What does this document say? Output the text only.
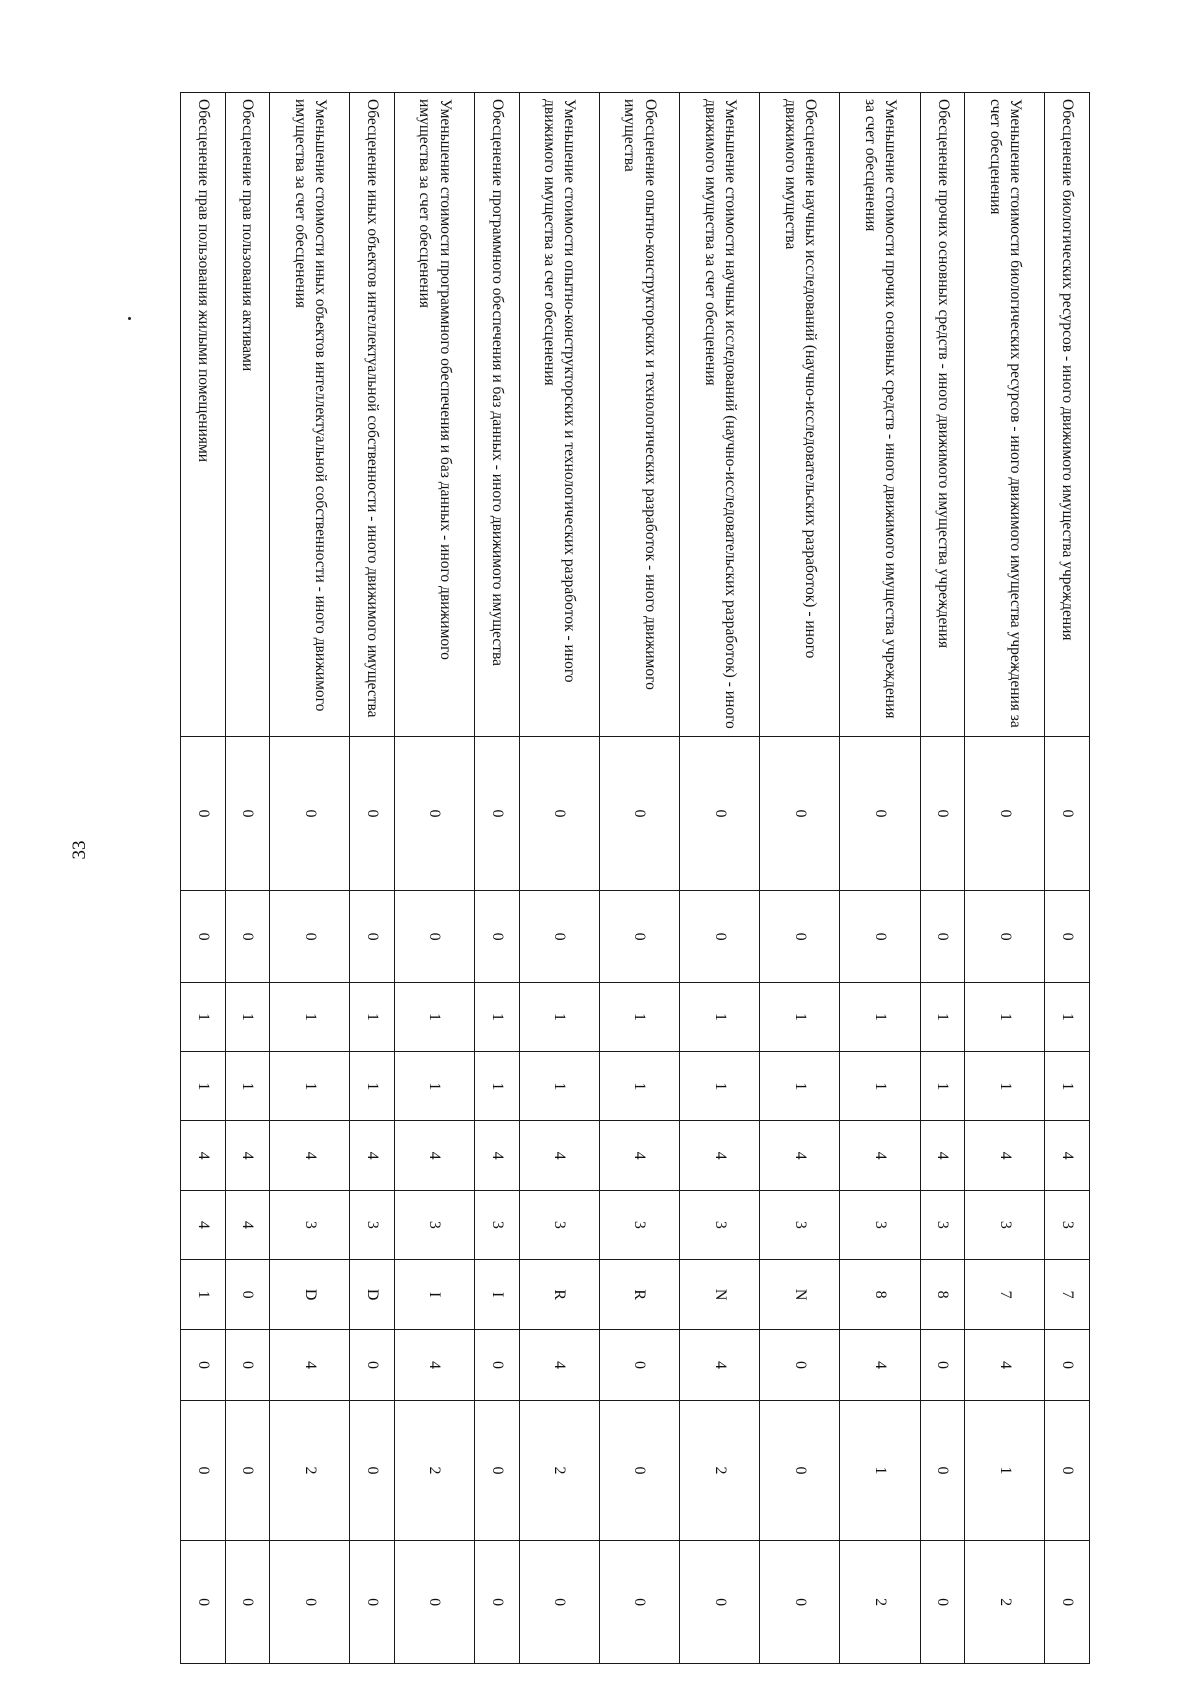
33
Обесценение биологических ресурсов - иного движимого имущества учреждения	0	0	1	1	4	3	7	0	0	0
Уменьшение стоимости биологических ресурсов - иного движимого имущества учреждения за счет обесценения	0	0	1	1	4	3	7	4	1	2
Обесценение прочих основных средств - иного движимого имущества учреждения	0	0	1	1	4	3	8	0	0	0
Уменьшение стоимости прочих основных средств - иного движимого имущества учреждения за счет обесценения	0	0	1	1	4	3	8	4	1	2
Обесценение научных исследований (научно-исследовательских разработок) - иного движимого имущества	0	0	1	1	4	3	N	0	0	0
Уменьшение стоимости научных исследований (научно-исследовательских разработок) - иного движимого имущества за счет обесценения	0	0	1	1	4	3	N	4	2	0
Обесценение опытно-конструкторских и технологических разработок - иного движимого имущества	0	0	1	1	4	3	R	0	0	0
Уменьшение стоимости опытно-конструкторских и технологических разработок - иного движимого имущества за счет обесценения	0	0	1	1	4	3	R	4	2	0
Обесценение программного обеспечения и баз данных - иного движимого имущества	0	0	1	1	4	3	I	0	0	0
Уменьшение стоимости программного обеспечения и баз данных - иного движимого имущества за счет обесценения	0	0	1	1	4	3	I	4	2	0
Обесценение иных объектов интеллектуальной собственности - иного движимого имущества	0	0	1	1	4	3	D	0	0	0
Уменьшение стоимости иных объектов интеллектуальной собственности - иного движимого имущества за счет обесценения	0	0	1	1	4	3	D	4	2	0
Обесценение прав пользования активами	0	0	1	1	4	4	0	0	0	0
Обесценение прав пользования жилыми помещениями	0	0	1	1	4	4	1	0	0	0
